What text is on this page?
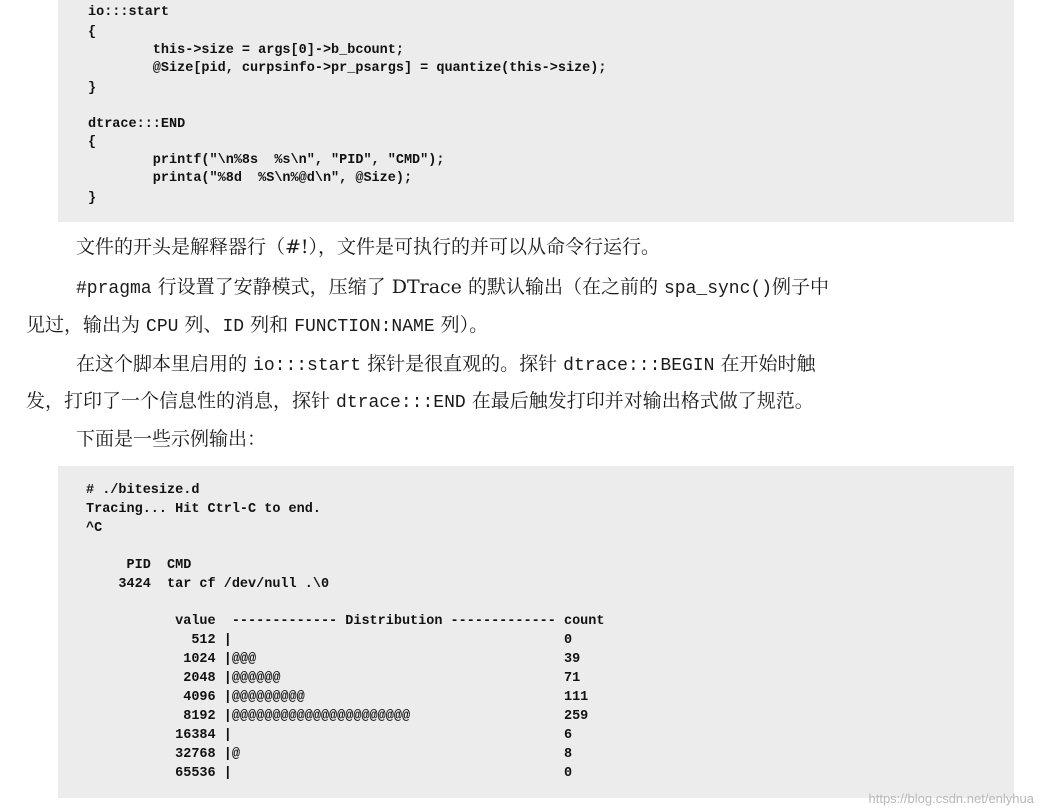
io:::start
{
this->size = args[0]->b_bcount;
@Size[pid, curpsinfo->pr_psargs] = quantize(this->size);
}
dtrace:::END
{
printf("\n%8s  %s\n", "PID", "CMD");
printa("%8d  %S\n%@d\n", @Size);
}
文件的开头是解释器行（#!），文件是可执行的并可以从命令行运行。
#pragma 行设置了安静模式，压缩了 DTrace 的默认输出（在之前的 spa_sync()例子中
见过，输出为 CPU 列、ID 列和 FUNCTION:NAME 列）。
在这个脚本里启用的 io:::start 探针是很直观的。探针 dtrace:::BEGIN 在开始时触
发，打印了一个信息性的消息，探针 dtrace:::END 在最后触发打印并对输出格式做了规范。
下面是一些示例输出：
# ./bitesize.d
Tracing... Hit Ctrl-C to end.
^C
PID  CMD
3424  tar cf /dev/null .\0
value  ------------- Distribution ------------- count
512 |                                         0
1024 |@@@                                      39
2048 |@@@@@@                                   71
4096 |@@@@@@@@@                                111
8192 |@@@@@@@@@@@@@@@@@@@@@@                   259
16384 |                                         6
32768 |@                                        8
65536 |                                         0
https://blog.csdn.net/enlyhua
